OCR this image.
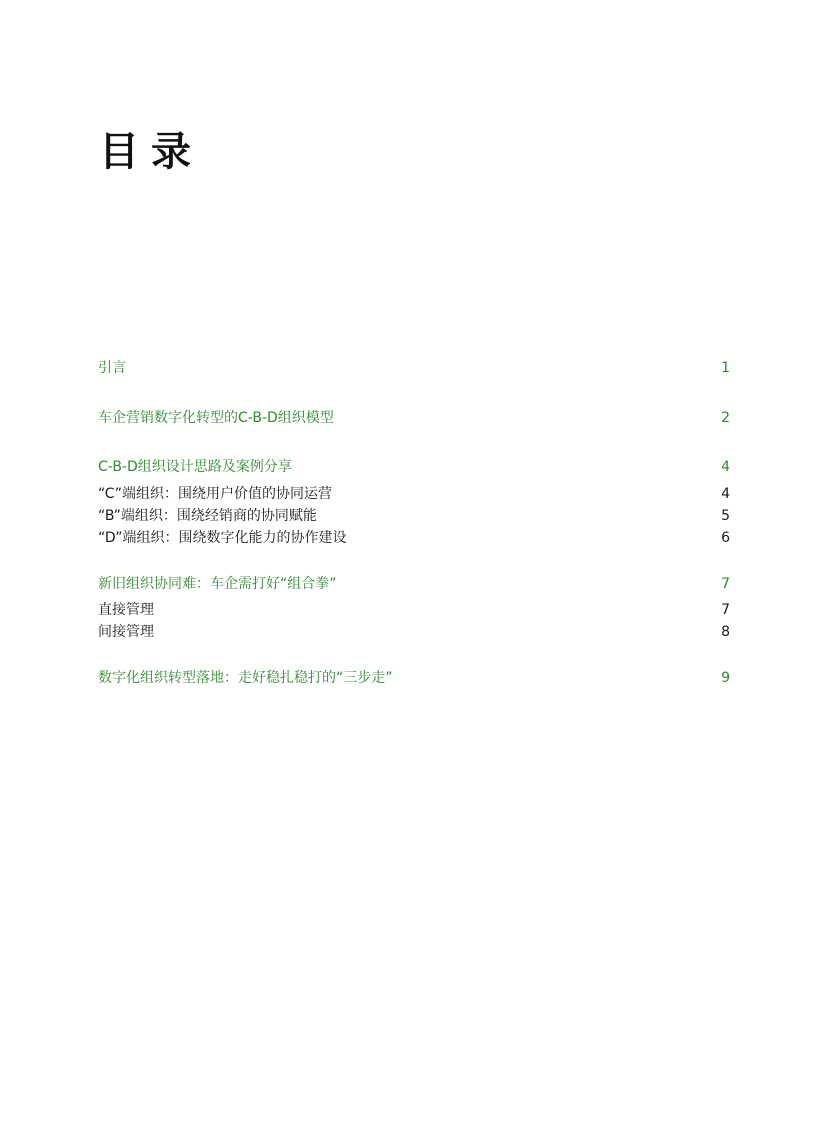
目录
引言	1
车企营销数字化转型的C-B-D组织模型	2
C-B-D组织设计思路及案例分享	4
“C”端组织：围绕用户价值的协同运营	4
“B”端组织：围绕经销商的协同赋能	5
“D”端组织：围绕数字化能力的协作建设	6
新旧组织协同难：车企需打好“组合拳”	7
直接管理	7
间接管理	8
数字化组织转型落地：走好稳扎稳打的“三步走”	9
